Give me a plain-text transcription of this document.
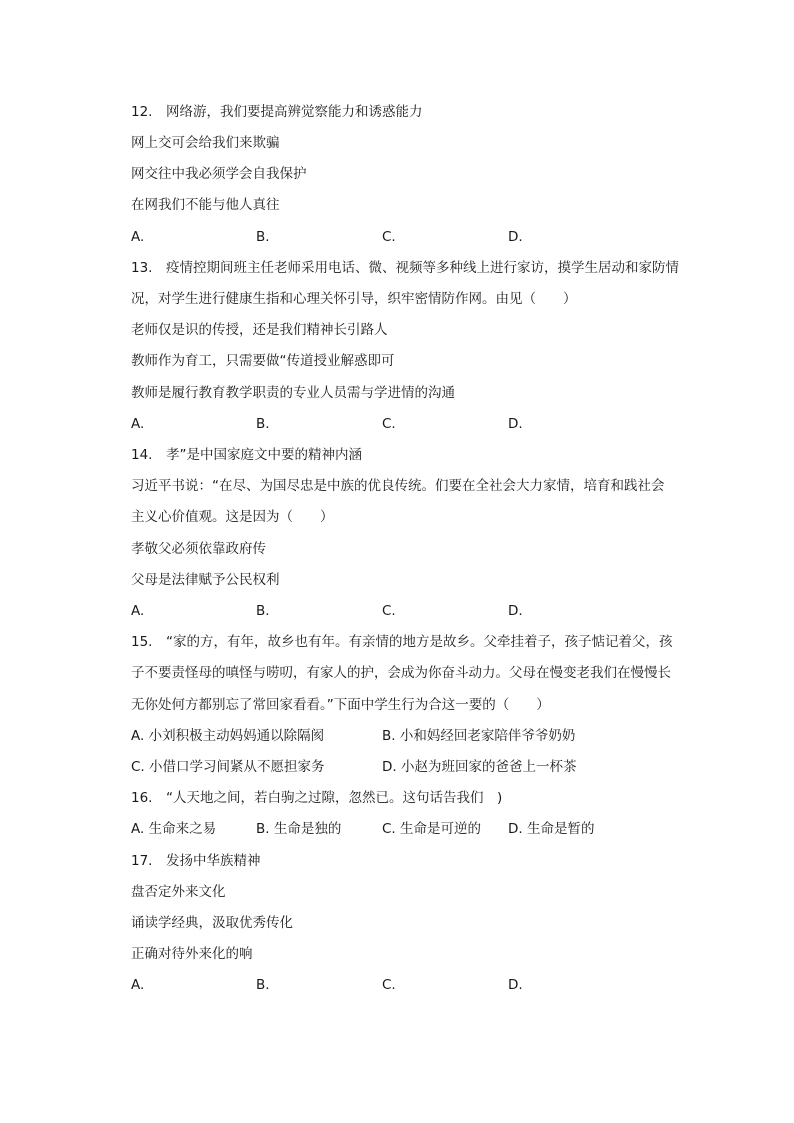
12.　网络游，我们要提高辨觉察能力和诱惑能力
网上交可会给我们来欺骗
网交往中我必须学会自我保护
在网我们不能与他人真往
A.	B.	C.	D.
13.　疫情控期间班主任老师采用电话、微、视频等多种线上进行家访，摸学生居动和家防情
况，对学生进行健康生指和心理关怀引导，织牢密情防作网。由见（　　）
老师仅是识的传授，还是我们精神长引路人
教师作为育工，只需要做“传道授业解惑即可
教师是履行教育教学职责的专业人员需与学进情的沟通
A.	B.	C.	D.
14.　孝”是中国家庭文中要的精神内涵
习近平书说：“在尽、为国尽忠是中族的优良传统。们要在全社会大力家情，培育和践社会
主义心价值观。这是因为（　　）
孝敬父必须依靠政府传
父母是法律赋予公民权利
A.	B.	C.	D.
15.　“家的方，有年，故乡也有年。有亲情的地方是故乡。父牵挂着子，孩子惦记着父，孩
子不要责怪母的嗔怪与唠叨，有家人的护，会成为你奋斗动力。父母在慢变老我们在慢慢长
无你处何方都别忘了常回家看看。”下面中学生行为合这一要的（　　）
A. 小刘积极主动妈妈通以除隔阂	B. 小和妈经回老家陪伴爷爷奶奶
C. 小借口学习间紧从不愿担家务	D. 小赵为班回家的爸爸上一杯茶
16.　“人天地之间，若白驹之过隙，忽然已。这句话告我们　)
A. 生命来之易	B. 生命是独的	C. 生命是可逆的 D. 生命是暂的
17.　发扬中华族精神
盘否定外来文化
诵读学经典，汲取优秀传化
正确对待外来化的响
A.	B.	C.	D.
